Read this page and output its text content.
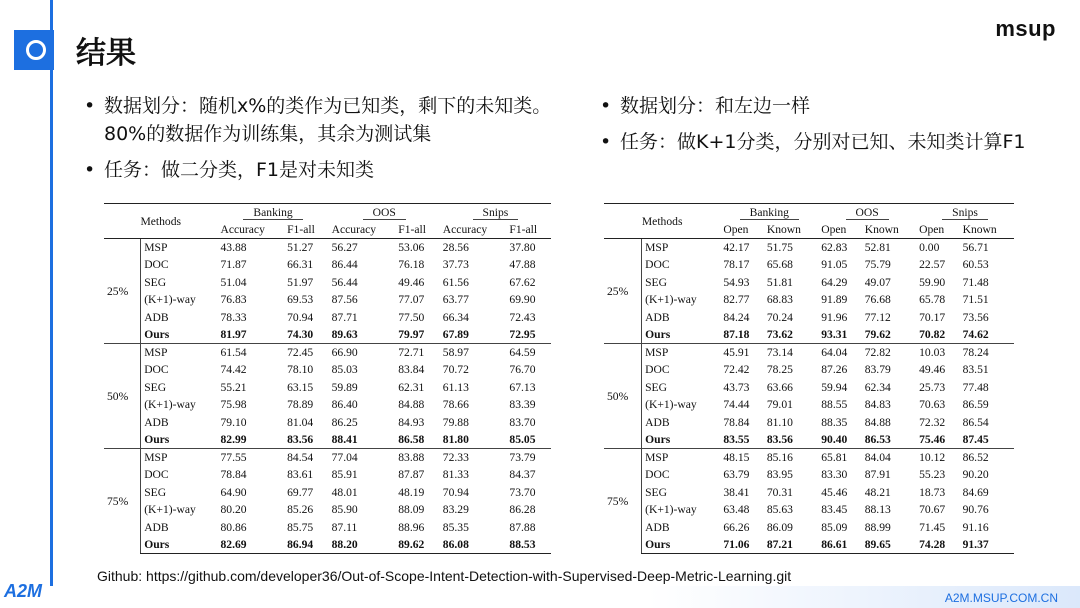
结果
msup
• 数据划分：随机x%的类作为已知类，剩下的未知类。80%的数据作为训练集，其余为测试集
• 任务：做二分类，F1是对未知类
• 数据划分：和左边一样
• 任务：做K+1分类，分别对已知、未知类计算F1
Methods		Banking		OOS		Snips	
		Accuracy	F1-all	Accuracy	F1-all	Accuracy	F1-all
25%	MSP	43.88	51.27	56.27	53.06	28.56	37.80
	DOC	71.87	66.31	86.44	76.18	37.73	47.88
	SEG	51.04	51.97	56.44	49.46	61.56	67.62
	(K+1)-way	76.83	69.53	87.56	77.07	63.77	69.90
	ADB	78.33	70.94	87.71	77.50	66.34	72.43
	Ours	81.97	74.30	89.63	79.97	67.89	72.95
50%	MSP	61.54	72.45	66.90	72.71	58.97	64.59
	DOC	74.42	78.10	85.03	83.84	70.72	76.70
	SEG	55.21	63.15	59.89	62.31	61.13	67.13
	(K+1)-way	75.98	78.89	86.40	84.88	78.66	83.39
	ADB	79.10	81.04	86.25	84.93	79.88	83.70
	Ours	82.99	83.56	88.41	86.58	81.80	85.05
75%	MSP	77.55	84.54	77.04	83.88	72.33	73.79
	DOC	78.84	83.61	85.91	87.87	81.33	84.37
	SEG	64.90	69.77	48.01	48.19	70.94	73.70
	(K+1)-way	80.20	85.26	85.90	88.09	83.29	86.28
	ADB	80.86	85.75	87.11	88.96	85.35	87.88
	Ours	82.69	86.94	88.20	89.62	86.08	88.53
Methods		Banking		OOS		Snips	
		Open	Known	Open	Known	Open	Known
25%	MSP	42.17	51.75	62.83	52.81	0.00	56.71
	DOC	78.17	65.68	91.05	75.79	22.57	60.53
	SEG	54.93	51.81	64.29	49.07	59.90	71.48
	(K+1)-way	82.77	68.83	91.89	76.68	65.78	71.51
	ADB	84.24	70.24	91.96	77.12	70.17	73.56
	Ours	87.18	73.62	93.31	79.62	70.82	74.62
50%	MSP	45.91	73.14	64.04	72.82	10.03	78.24
	DOC	72.42	78.25	87.26	83.79	49.46	83.51
	SEG	43.73	63.66	59.94	62.34	25.73	77.48
	(K+1)-way	74.44	79.01	88.55	84.83	70.63	86.59
	ADB	78.84	81.10	88.35	84.88	72.32	86.54
	Ours	83.55	83.56	90.40	86.53	75.46	87.45
75%	MSP	48.15	85.16	65.81	84.04	10.12	86.52
	DOC	63.79	83.95	83.30	87.91	55.23	90.20
	SEG	38.41	70.31	45.46	48.21	18.73	84.69
	(K+1)-way	63.48	85.63	83.45	88.13	70.67	90.76
	ADB	66.26	86.09	85.09	88.99	71.45	91.16
	Ours	71.06	87.21	86.61	89.65	74.28	91.37
Github: https://github.com/developer36/Out-of-Scope-Intent-Detection-with-Supervised-Deep-Metric-Learning.git
A2M	A2M.MSUP.COM.CN
